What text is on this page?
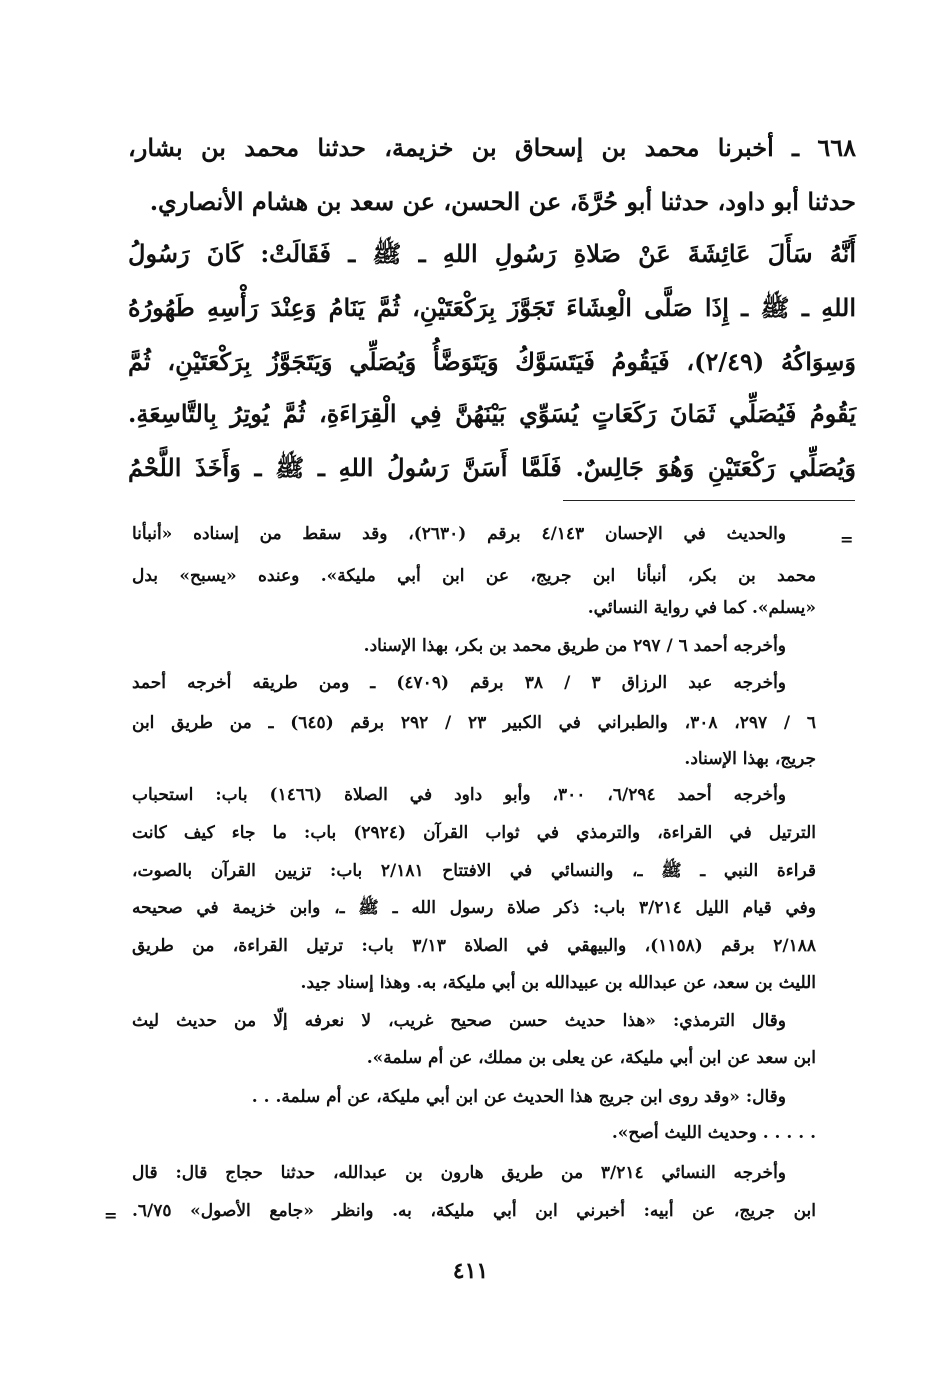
٦٦٨ ـ أخبرنا محمد بن إسحاق بن خزيمة، حدثنا محمد بن بشار،
حدثنا أبو داود، حدثنا أبو حُرَّةَ، عن الحسن، عن سعد بن هشام الأنصاري.
أَنَّهُ سَأَلَ عَائِشَةَ عَنْ صَلاةِ رَسُولِ اللهِ ـ ﷺ ـ فَقَالَتْ: كَانَ رَسُولُ
اللهِ ـ ﷺ ـ إِذَا صَلَّى الْعِشَاءَ تَجَوَّزَ بِرَكْعَتَيْنِ، ثُمَّ يَنَامُ وَعِنْدَ رَأْسِهِ طَهُورُهُ
وَسِوَاكُهُ (٢/٤٩)، فَيَقُومُ فَيَتَسَوَّكُ وَيَتَوَضَّأُ وَيُصَلِّي وَيَتَجَوَّزُ بِرَكْعَتَيْنِ، ثُمَّ
يَقُومُ فَيُصَلِّي ثَمَانَ رَكَعَاتٍ يُسَوِّي بَيْنَهُنَّ فِي الْقِرَاءَةِ، ثُمَّ يُوتِرُ بِالتَّاسِعَةِ.
وَيُصَلِّي رَكْعَتَيْنِ وَهُوَ جَالِسٌ. فَلَمَّا أَسَنَّ رَسُولُ اللهِ ـ ﷺ ـ وَأَخَذَ اللَّحْمُ
=
=
والحديث في الإحسان ٤/١٤٣ برقم (٢٦٣٠)، وقد سقط من إسناده «أنبأنا
محمد بن بكر، أنبأنا ابن جريج، عن ابن أبي مليكة». وعنده «يسبح» بدل
«يسلم». كما في رواية النسائي.
وأخرجه أحمد ٦ / ٢٩٧ من طريق محمد بن بكر، بهذا الإسناد.
وأخرجه عبد الرزاق ٣ / ٣٨ برقم (٤٧٠٩) ـ ومن طريقه أخرجه أحمد
٦ / ٢٩٧، ٣٠٨، والطبراني في الكبير ٢٣ / ٢٩٢ برقم (٦٤٥) ـ من طريق ابن
جريج، بهذا الإسناد.
وأخرجه أحمد ٦/٢٩٤، ٣٠٠، وأبو داود في الصلاة (١٤٦٦) باب: استحباب
الترتيل في القراءة، والترمذي في ثواب القرآن (٢٩٢٤) باب: ما جاء كيف كانت
قراءة النبي ـ ﷺ ـ، والنسائي في الافتتاح ٢/١٨١ باب: تزيين القرآن بالصوت،
وفي قيام الليل ٣/٢١٤ باب: ذكر صلاة رسول الله ـ ﷺ ـ، وابن خزيمة في صحيحه
٢/١٨٨ برقم (١١٥٨)، والبيهقي في الصلاة ٣/١٣ باب: ترتيل القراءة، من طريق
الليث بن سعد، عن عبدالله بن عبيدالله بن أبي مليكة، به. وهذا إسناد جيد.
وقال الترمذي: «هذا حديث حسن صحيح غريب، لا نعرفه إلّا من حديث ليث
ابن سعد عن ابن أبي مليكة، عن يعلى بن مملك، عن أم سلمة».
وقال: «وقد روى ابن جريج هذا الحديث عن ابن أبي مليكة، عن أم سلمة. . .
. . . . . وحديث الليث أصح».
وأخرجه النسائي ٣/٢١٤ من طريق هارون بن عبدالله، حدثنا حجاج قال: قال
ابن جريج، عن أبيه: أخبرني ابن أبي مليكة، به. وانظر «جامع الأصول» ٦/٧٥.
٤١١
